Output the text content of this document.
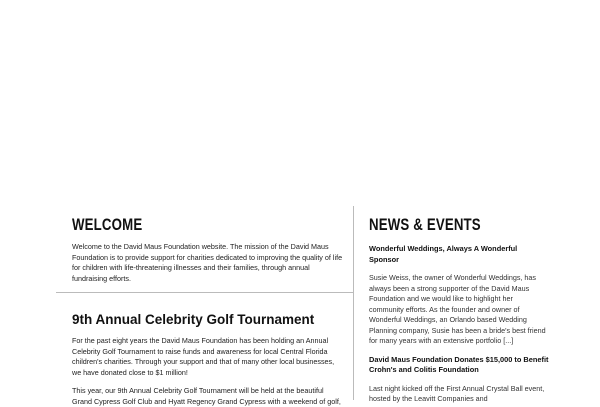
WELCOME

Welcome to the David Maus Foundation website. The mission of the David Maus Foundation is to provide support for charities dedicated to improving the quality of life for children with life-threatening illnesses and their families, through annual fundraising efforts.

9th Annual Celebrity Golf Tournament

For the past eight years the David Maus Foundation has been holding an Annual Celebrity Golf Tournament to raise funds and awareness for local Central Florida children's charities. Through your support and that of many other local businesses, we have donated close to $1 million!

This year, our 9th Annual Celebrity Golf Tournament will be held at the beautiful Grand Cypress Golf Club and Hyatt Regency Grand Cypress with a weekend of golf,

NEWS & EVENTS
Wonderful Weddings, Always A Wonderful Sponsor

Susie Weiss, the owner of Wonderful Weddings, has always been a strong supporter of the David Maus Foundation and we would like to highlight her community efforts. As the founder and owner of Wonderful Weddings, an Orlando based Wedding Planning company, Susie has been a bride's best friend for many years with an extensive portfolio [...]

David Maus Foundation Donates $15,000 to Benefit Crohn's and Colitis Foundation

Last night kicked off the First Annual Crystal Ball event, hosted by the Leavitt Companies and
